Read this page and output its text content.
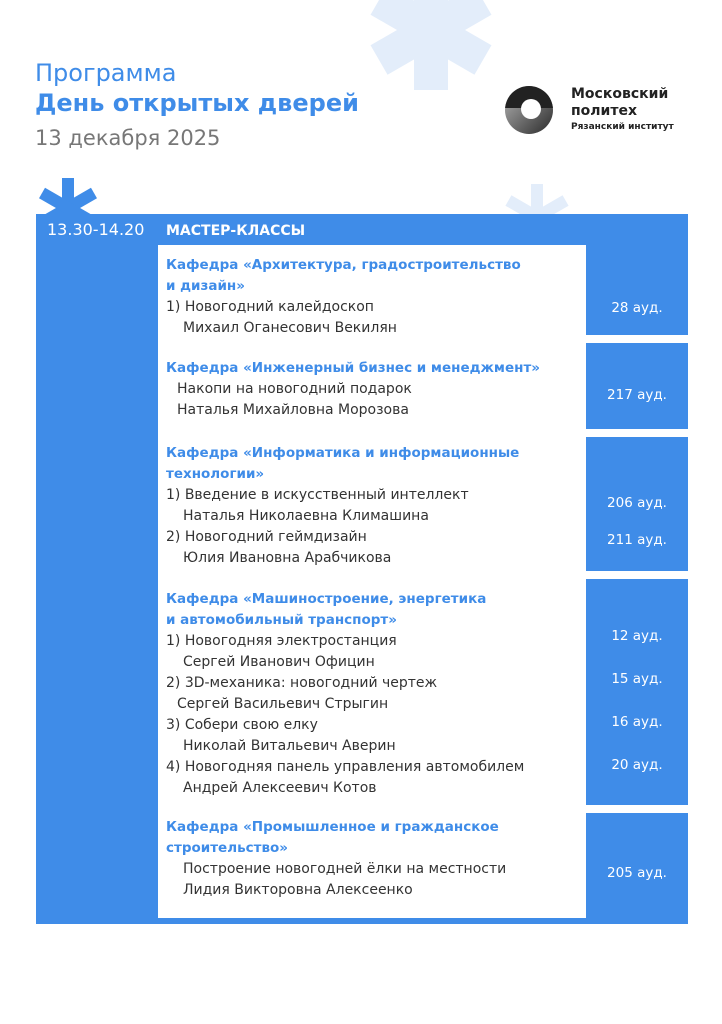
Программа
День открытых дверей
13 декабря 2025
Московский
политех
Рязанский институт
13.30-14.20 МАСТЕР-КЛАССЫ
Кафедра «Архитектура, градостроительство
и дизайн»
1) Новогодний калейдоскоп
Михаил Оганесович Векилян
28 ауд.
Кафедра «Инженерный бизнес и менеджмент»
Накопи на новогодний подарок
Наталья Михайловна Морозова
217 ауд.
Кафедра «Информатика и информационные
технологии»
1) Введение в искусственный интеллект
Наталья Николаевна Климашина
2) Новогодний геймдизайн
Юлия Ивановна Арабчикова
206 ауд.
211 ауд.
Кафедра «Машиностроение, энергетика
и автомобильный транспорт»
1) Новогодняя электростанция
Сергей Иванович Официн
2) 3D-механика: новогодний чертеж
Сергей Васильевич Стрыгин
3) Собери свою елку
Николай Витальевич Аверин
4) Новогодняя панель управления автомобилем
Андрей Алексеевич Котов
12 ауд.
15 ауд.
16 ауд.
20 ауд.
Кафедра «Промышленное и гражданское
строительство»
Построение новогодней ёлки на местности
Лидия Викторовна Алексеенко
205 ауд.
